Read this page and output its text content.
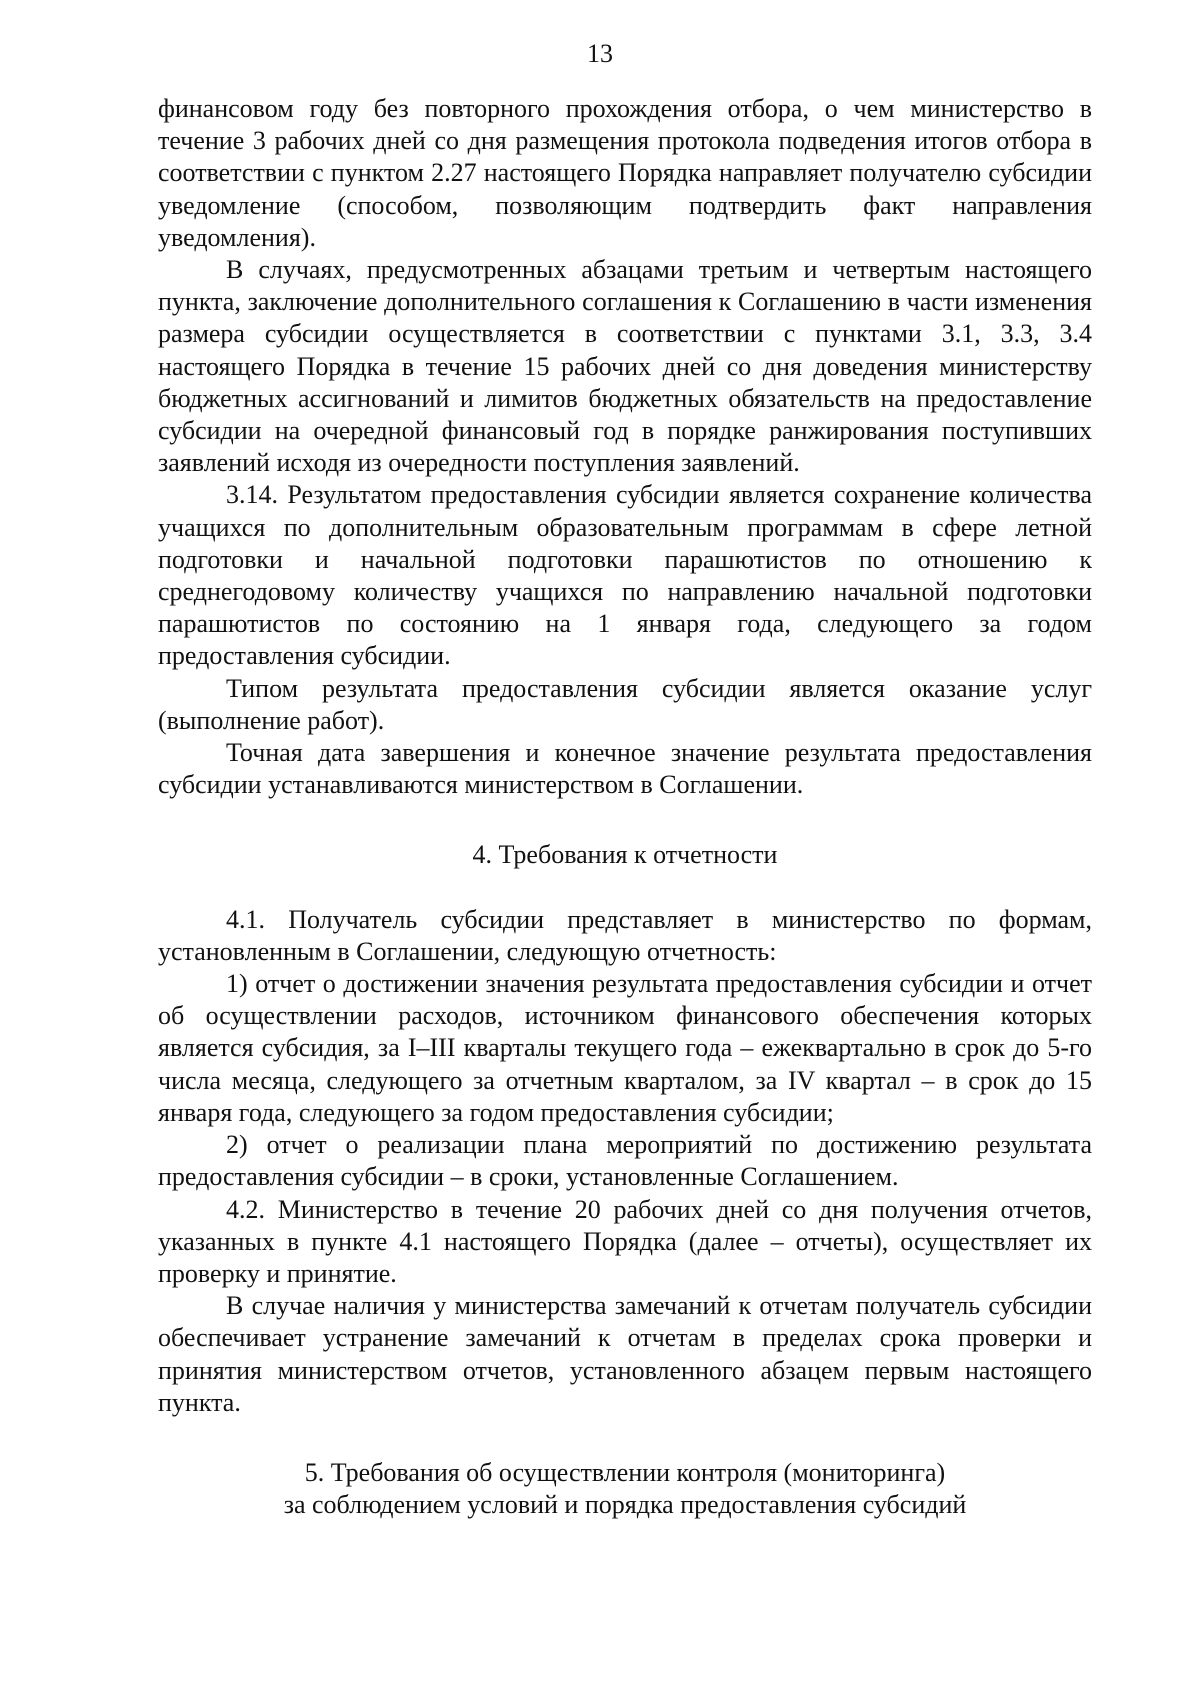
13

финансовом году без повторного прохождения отбора, о чем министерство в течение 3 рабочих дней со дня размещения протокола подведения итогов отбора в соответствии с пунктом 2.27 настоящего Порядка направляет получателю субсидии уведомление (способом, позволяющим подтвердить факт направления уведомления).

В случаях, предусмотренных абзацами третьим и четвертым настоящего пункта, заключение дополнительного соглашения к Соглашению в части изменения размера субсидии осуществляется в соответствии с пунктами 3.1, 3.3, 3.4 настоящего Порядка в течение 15 рабочих дней со дня доведения министерству бюджетных ассигнований и лимитов бюджетных обязательств на предоставление субсидии на очередной финансовый год в порядке ранжирования поступивших заявлений исходя из очередности поступления заявлений.

3.14. Результатом предоставления субсидии является сохранение количества учащихся по дополнительным образовательным программам в сфере летной подготовки и начальной подготовки парашютистов по отношению к среднегодовому количеству учащихся по направлению начальной подготовки парашютистов по состоянию на 1 января года, следующего за годом предоставления субсидии.

Типом результата предоставления субсидии является оказание услуг (выполнение работ).

Точная дата завершения и конечное значение результата предоставления субсидии устанавливаются министерством в Соглашении.

4. Требования к отчетности

4.1. Получатель субсидии представляет в министерство по формам, установленным в Соглашении, следующую отчетность:

1) отчет о достижении значения результата предоставления субсидии и отчет об осуществлении расходов, источником финансового обеспечения которых является субсидия, за I–III кварталы текущего года – ежеквартально в срок до 5-го числа месяца, следующего за отчетным кварталом, за IV квартал – в срок до 15 января года, следующего за годом предоставления субсидии;

2) отчет о реализации плана мероприятий по достижению результата предоставления субсидии – в сроки, установленные Соглашением.

4.2. Министерство в течение 20 рабочих дней со дня получения отчетов, указанных в пункте 4.1 настоящего Порядка (далее – отчеты), осуществляет их проверку и принятие.

В случае наличия у министерства замечаний к отчетам получатель субсидии обеспечивает устранение замечаний к отчетам в пределах срока проверки и принятия министерством отчетов, установленного абзацем первым настоящего пункта.

5. Требования об осуществлении контроля (мониторинга)
за соблюдением условий и порядка предоставления субсидий
